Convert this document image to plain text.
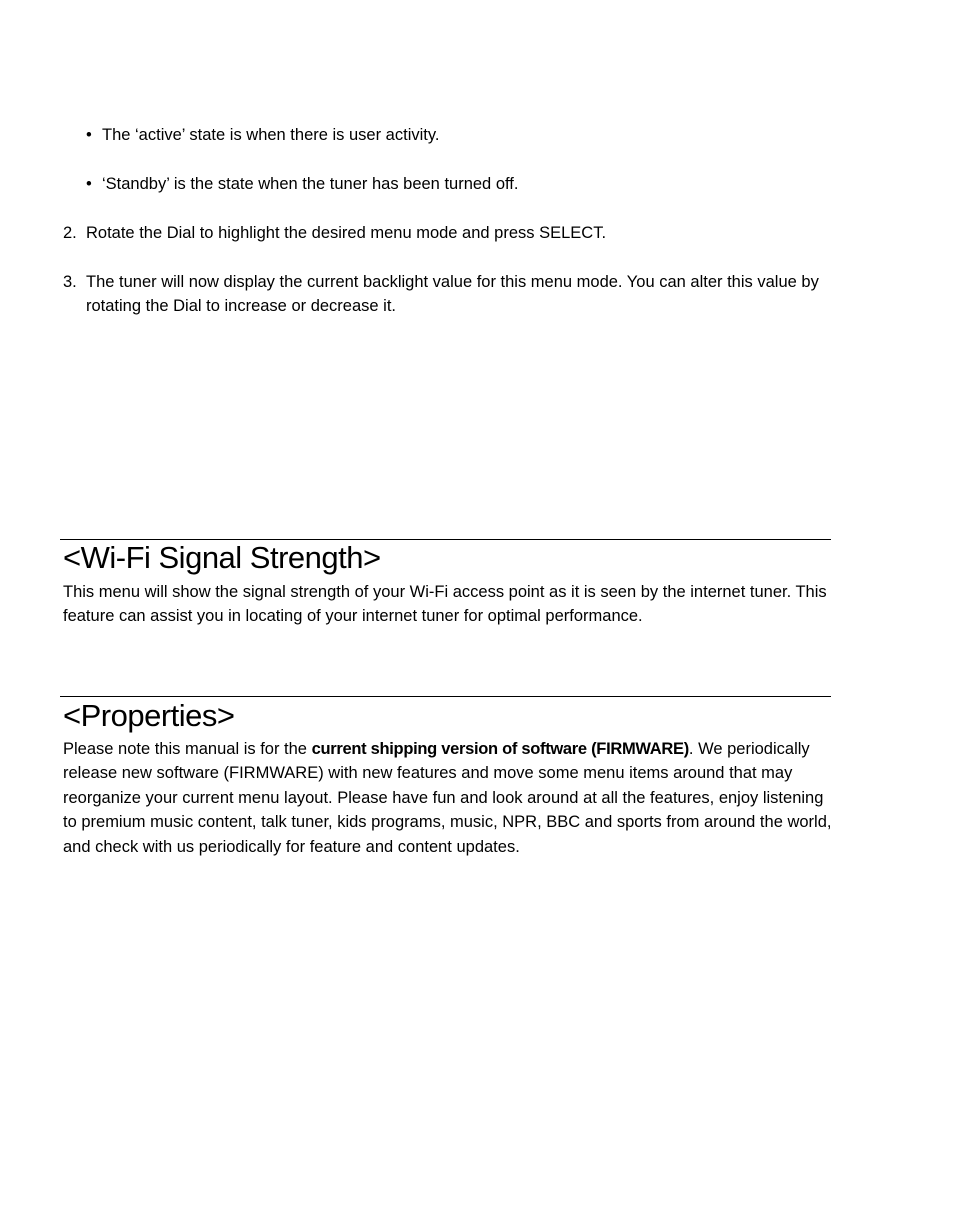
• The ‘active’ state is when there is user activity.
• ‘Standby’ is the state when the tuner has been turned off.
2. Rotate the Dial to highlight the desired menu mode and press SELECT.
3. The tuner will now display the current backlight value for this menu mode. You can alter this value by rotating the Dial to increase or decrease it.
<Wi-Fi Signal Strength>
This menu will show the signal strength of your Wi-Fi access point as it is seen by the internet tuner. This feature can assist you in locating of your internet tuner for optimal performance.
<Properties>
Please note this manual is for the current shipping version of software (FIRMWARE). We periodically release new software (FIRMWARE) with new features and move some menu items around that may reorganize your current menu layout. Please have fun and look around at all the features, enjoy listening to premium music content, talk tuner, kids programs, music, NPR, BBC and sports from around the world, and check with us periodically for feature and content updates.
